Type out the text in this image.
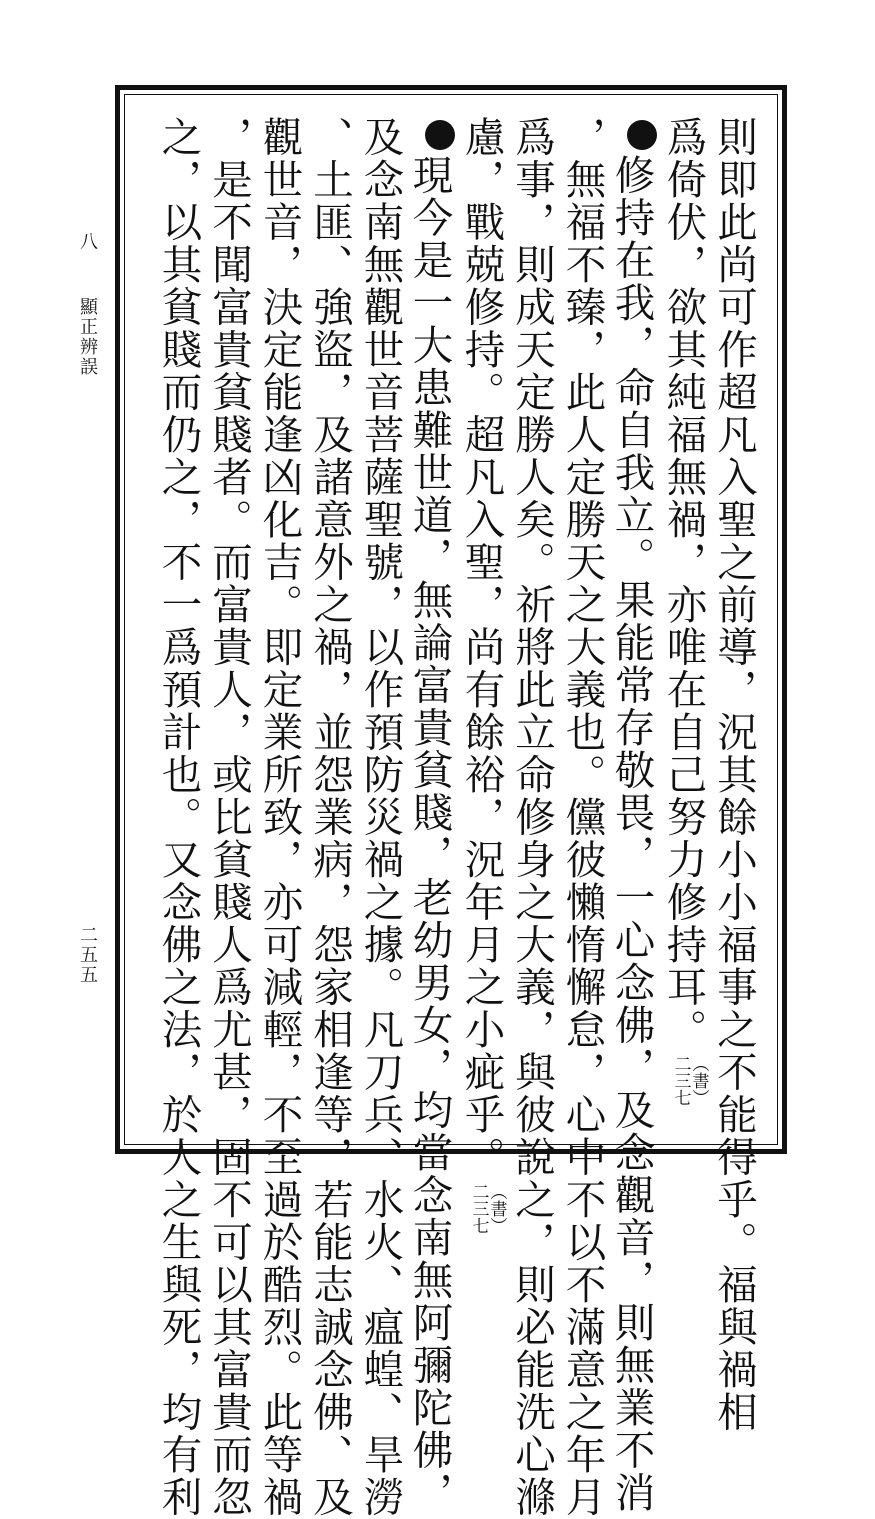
八
顯正辨誤
二五五	則即此尚可作超凡入聖之前導，況其餘小小福事之不能得乎。福與禍相
爲倚伏，欲其純福無禍，亦唯在自己努力修持耳。
（書）
二三七
修持在我，命自我立。果能常存敬畏，一心念佛，及念觀音，則無業不消
，無福不臻，此人定勝天之大義也。儻彼懶惰懈怠，心中不以不滿意之年月
爲事，則成天定勝人矣。祈將此立命修身之大義，與彼說之，則必能洗心滌
慮，戰兢修持。超凡入聖，尚有餘裕，況年月之小疵乎。
（書）
二三七
現今是一大患難世道，無論富貴貧賤，老幼男女，均當念南無阿彌陀佛，
及念南無觀世音菩薩聖號，以作預防災禍之據。凡刀兵、水火、瘟蝗、旱澇
、土匪、強盜，及諸意外之禍，並怨業病，怨家相逢等，若能志誠念佛、及
觀世音，決定能逢凶化吉。即定業所致，亦可減輕，不至過於酷烈。此等禍
，是不聞富貴貧賤者。而富貴人，或比貧賤人爲尤甚，固不可以其富貴而忽
之，以其貧賤而仍之，不一爲預計也。又念佛之法，於人之生與死，均有利
